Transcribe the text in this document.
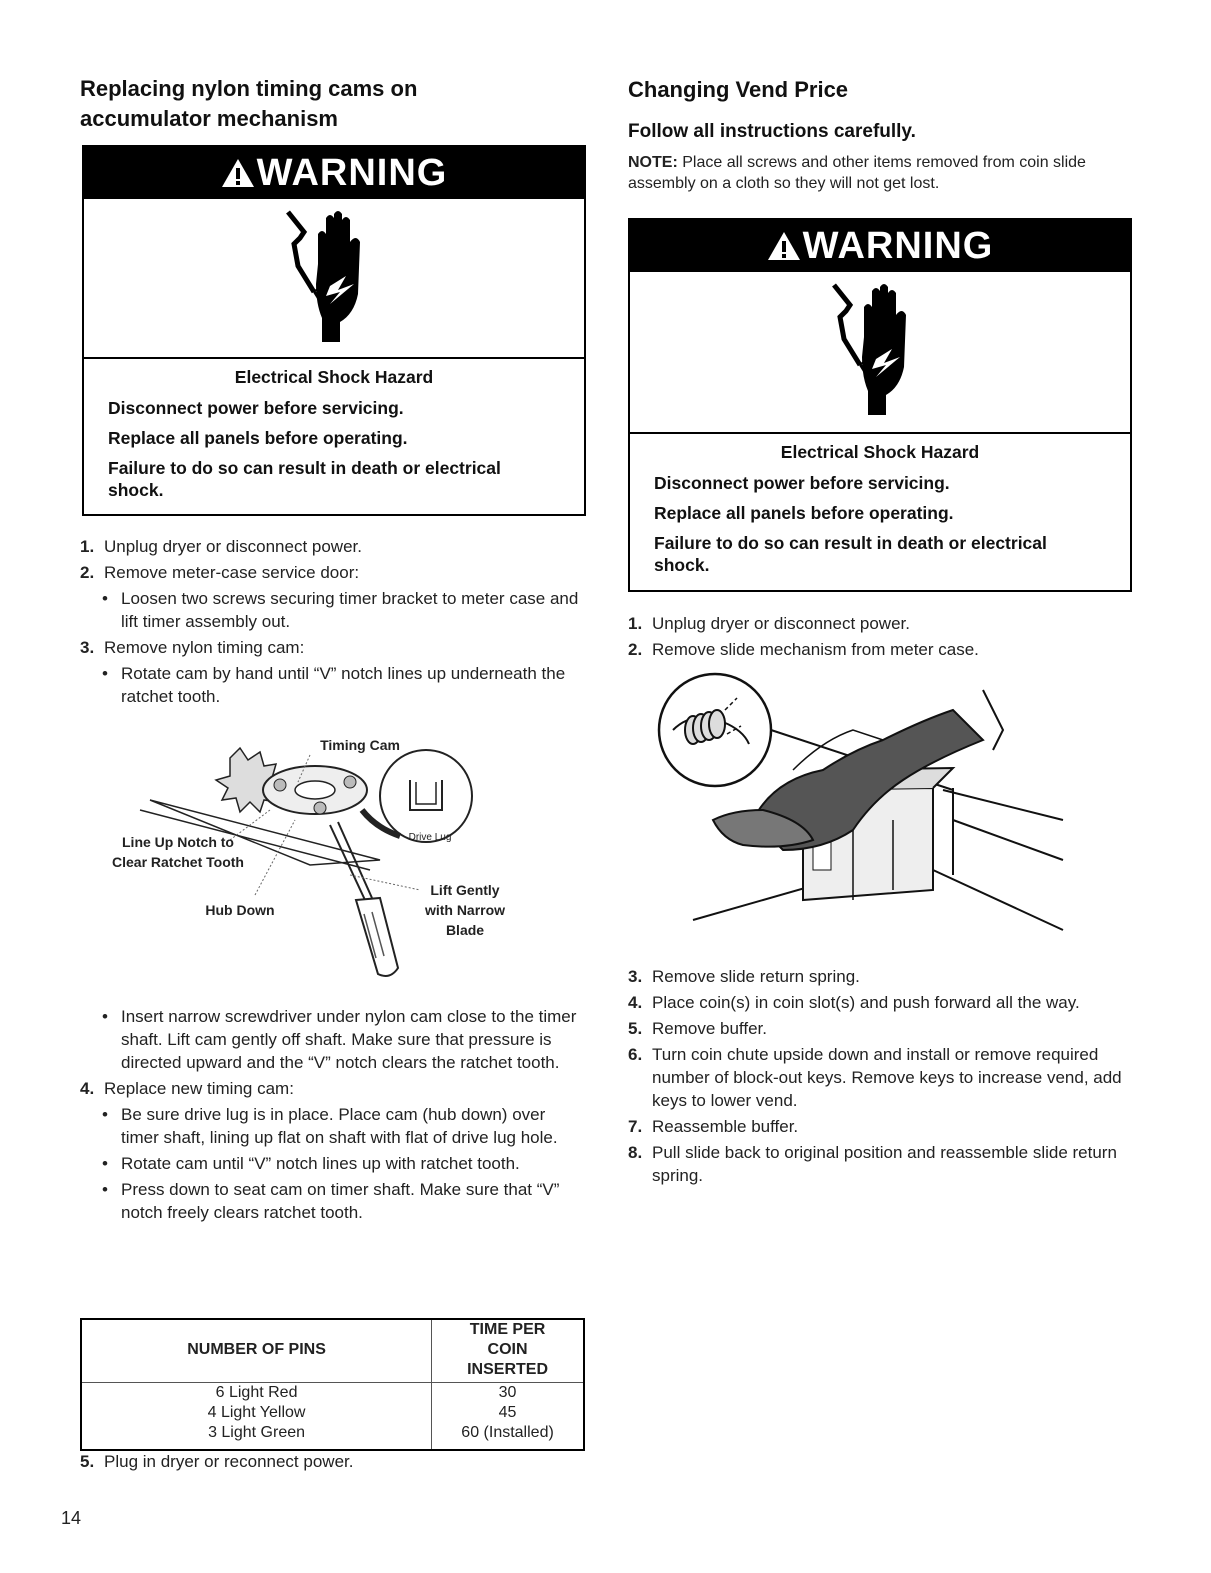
Replacing nylon timing cams on accumulator mechanism
WARNING
Electrical Shock Hazard
Disconnect power before servicing.
Replace all panels before operating.
Failure to do so can result in death or electrical shock.
1. Unplug dryer or disconnect power.
2. Remove meter-case service door:
• Loosen two screws securing timer bracket to meter case and lift timer assembly out.
3. Remove nylon timing cam:
• Rotate cam by hand until “V” notch lines up underneath the ratchet tooth.
Timing Cam
Drive Lug
Line Up Notch to Clear Ratchet Tooth
Hub Down
Lift Gently with Narrow Blade
• Insert narrow screwdriver under nylon cam close to the timer shaft. Lift cam gently off shaft. Make sure that pressure is directed upward and the “V” notch clears the ratchet tooth.
4. Replace new timing cam:
• Be sure drive lug is in place. Place cam (hub down) over timer shaft, lining up flat on shaft with flat of drive lug hole.
• Rotate cam until “V” notch lines up with ratchet tooth.
• Press down to seat cam on timer shaft. Make sure that “V” notch freely clears ratchet tooth.
NUMBER OF PINS	TIME PER COIN INSERTED
6 Light Red	30
4 Light Yellow	45
3 Light Green	60 (Installed)
5. Plug in dryer or reconnect power.
Changing Vend Price
Follow all instructions carefully.
NOTE: Place all screws and other items removed from coin slide assembly on a cloth so they will not get lost.
WARNING
Electrical Shock Hazard
Disconnect power before servicing.
Replace all panels before operating.
Failure to do so can result in death or electrical shock.
1. Unplug dryer or disconnect power.
2. Remove slide mechanism from meter case.
3. Remove slide return spring.
4. Place coin(s) in coin slot(s) and push forward all the way.
5. Remove buffer.
6. Turn coin chute upside down and install or remove required number of block-out keys. Remove keys to increase vend, add keys to lower vend.
7. Reassemble buffer.
8. Pull slide back to original position and reassemble slide return spring.
14
